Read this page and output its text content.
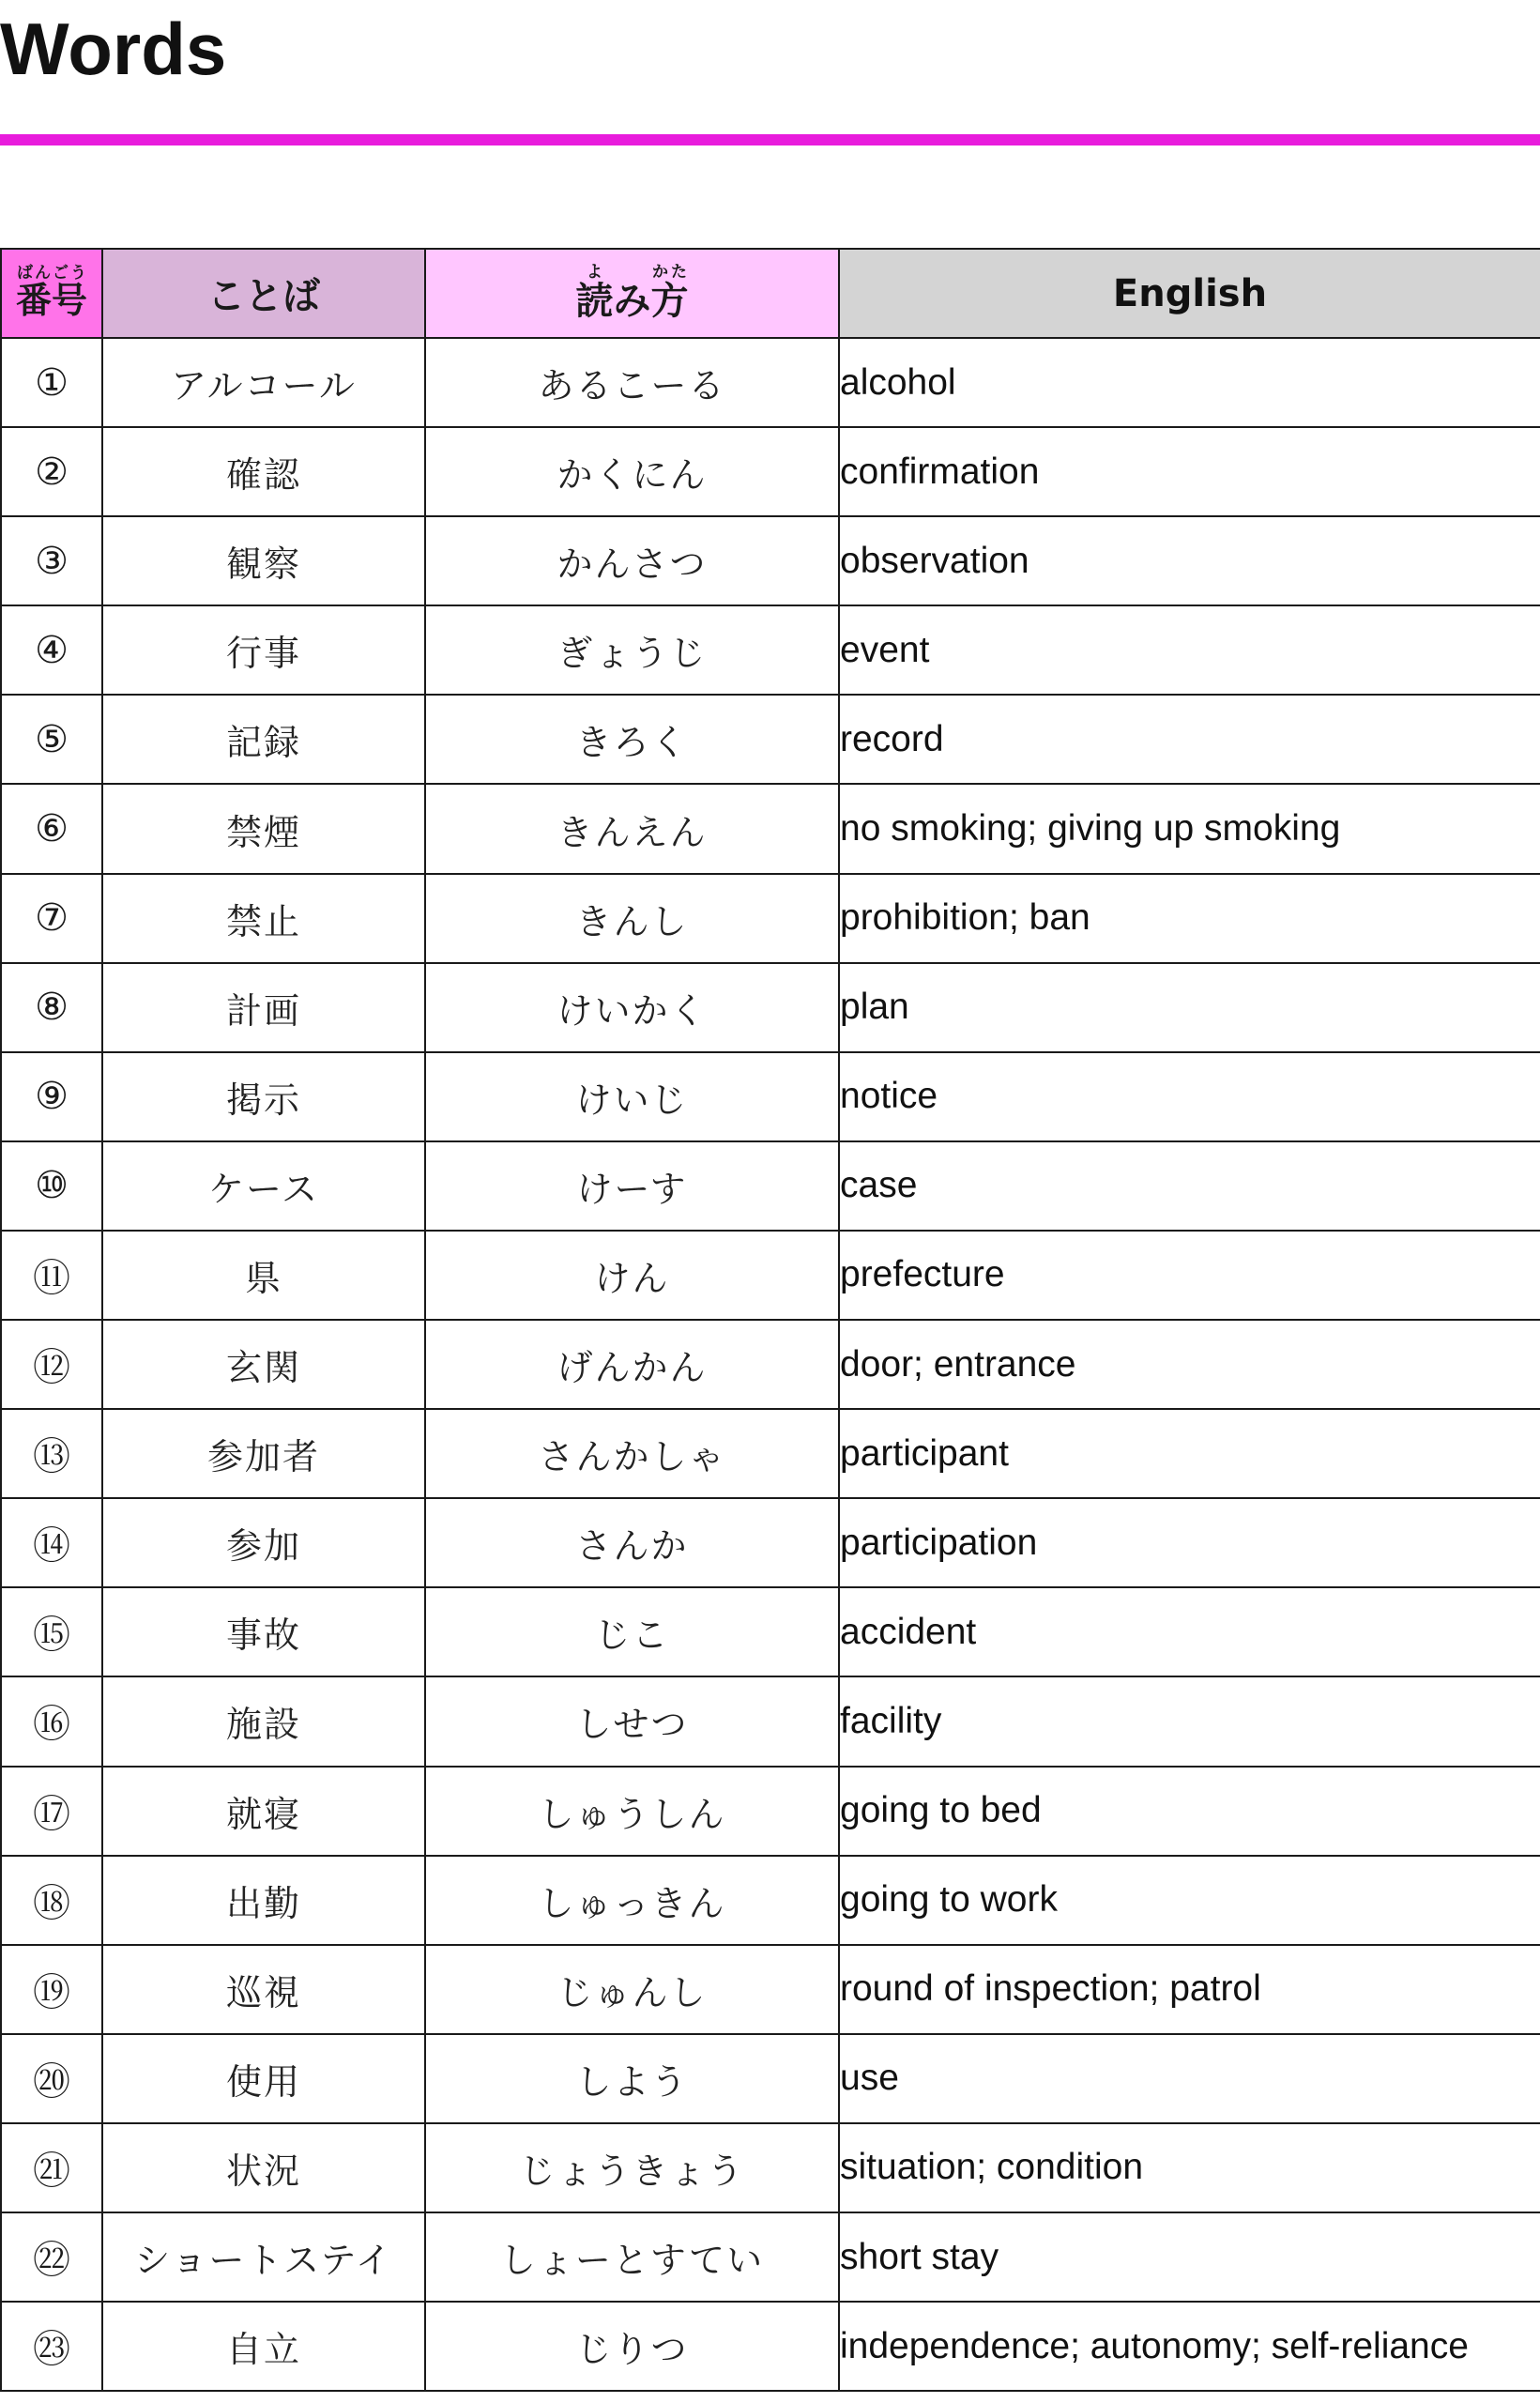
Words
番号ばんごう	ことば	読よみ方かた	English
①	アルコール	あるこーる	alcohol
②	確認	かくにん	confirmation
③	観察	かんさつ	observation
④	行事	ぎょうじ	event
⑤	記録	きろく	record
⑥	禁煙	きんえん	no smoking; giving up smoking
⑦	禁止	きんし	prohibition; ban
⑧	計画	けいかく	plan
⑨	掲示	けいじ	notice
⑩	ケース	けーす	case
⑪	県	けん	prefecture
⑫	玄関	げんかん	door; entrance
⑬	参加者	さんかしゃ	participant
⑭	参加	さんか	participation
⑮	事故	じこ	accident
⑯	施設	しせつ	facility
⑰	就寝	しゅうしん	going to bed
⑱	出勤	しゅっきん	going to work
⑲	巡視	じゅんし	round of inspection; patrol
⑳	使用	しよう	use
㉑	状況	じょうきょう	situation; condition
㉒	ショートステイ	しょーとすてい	short stay
㉓	自立	じりつ	independence; autonomy; self-reliance
